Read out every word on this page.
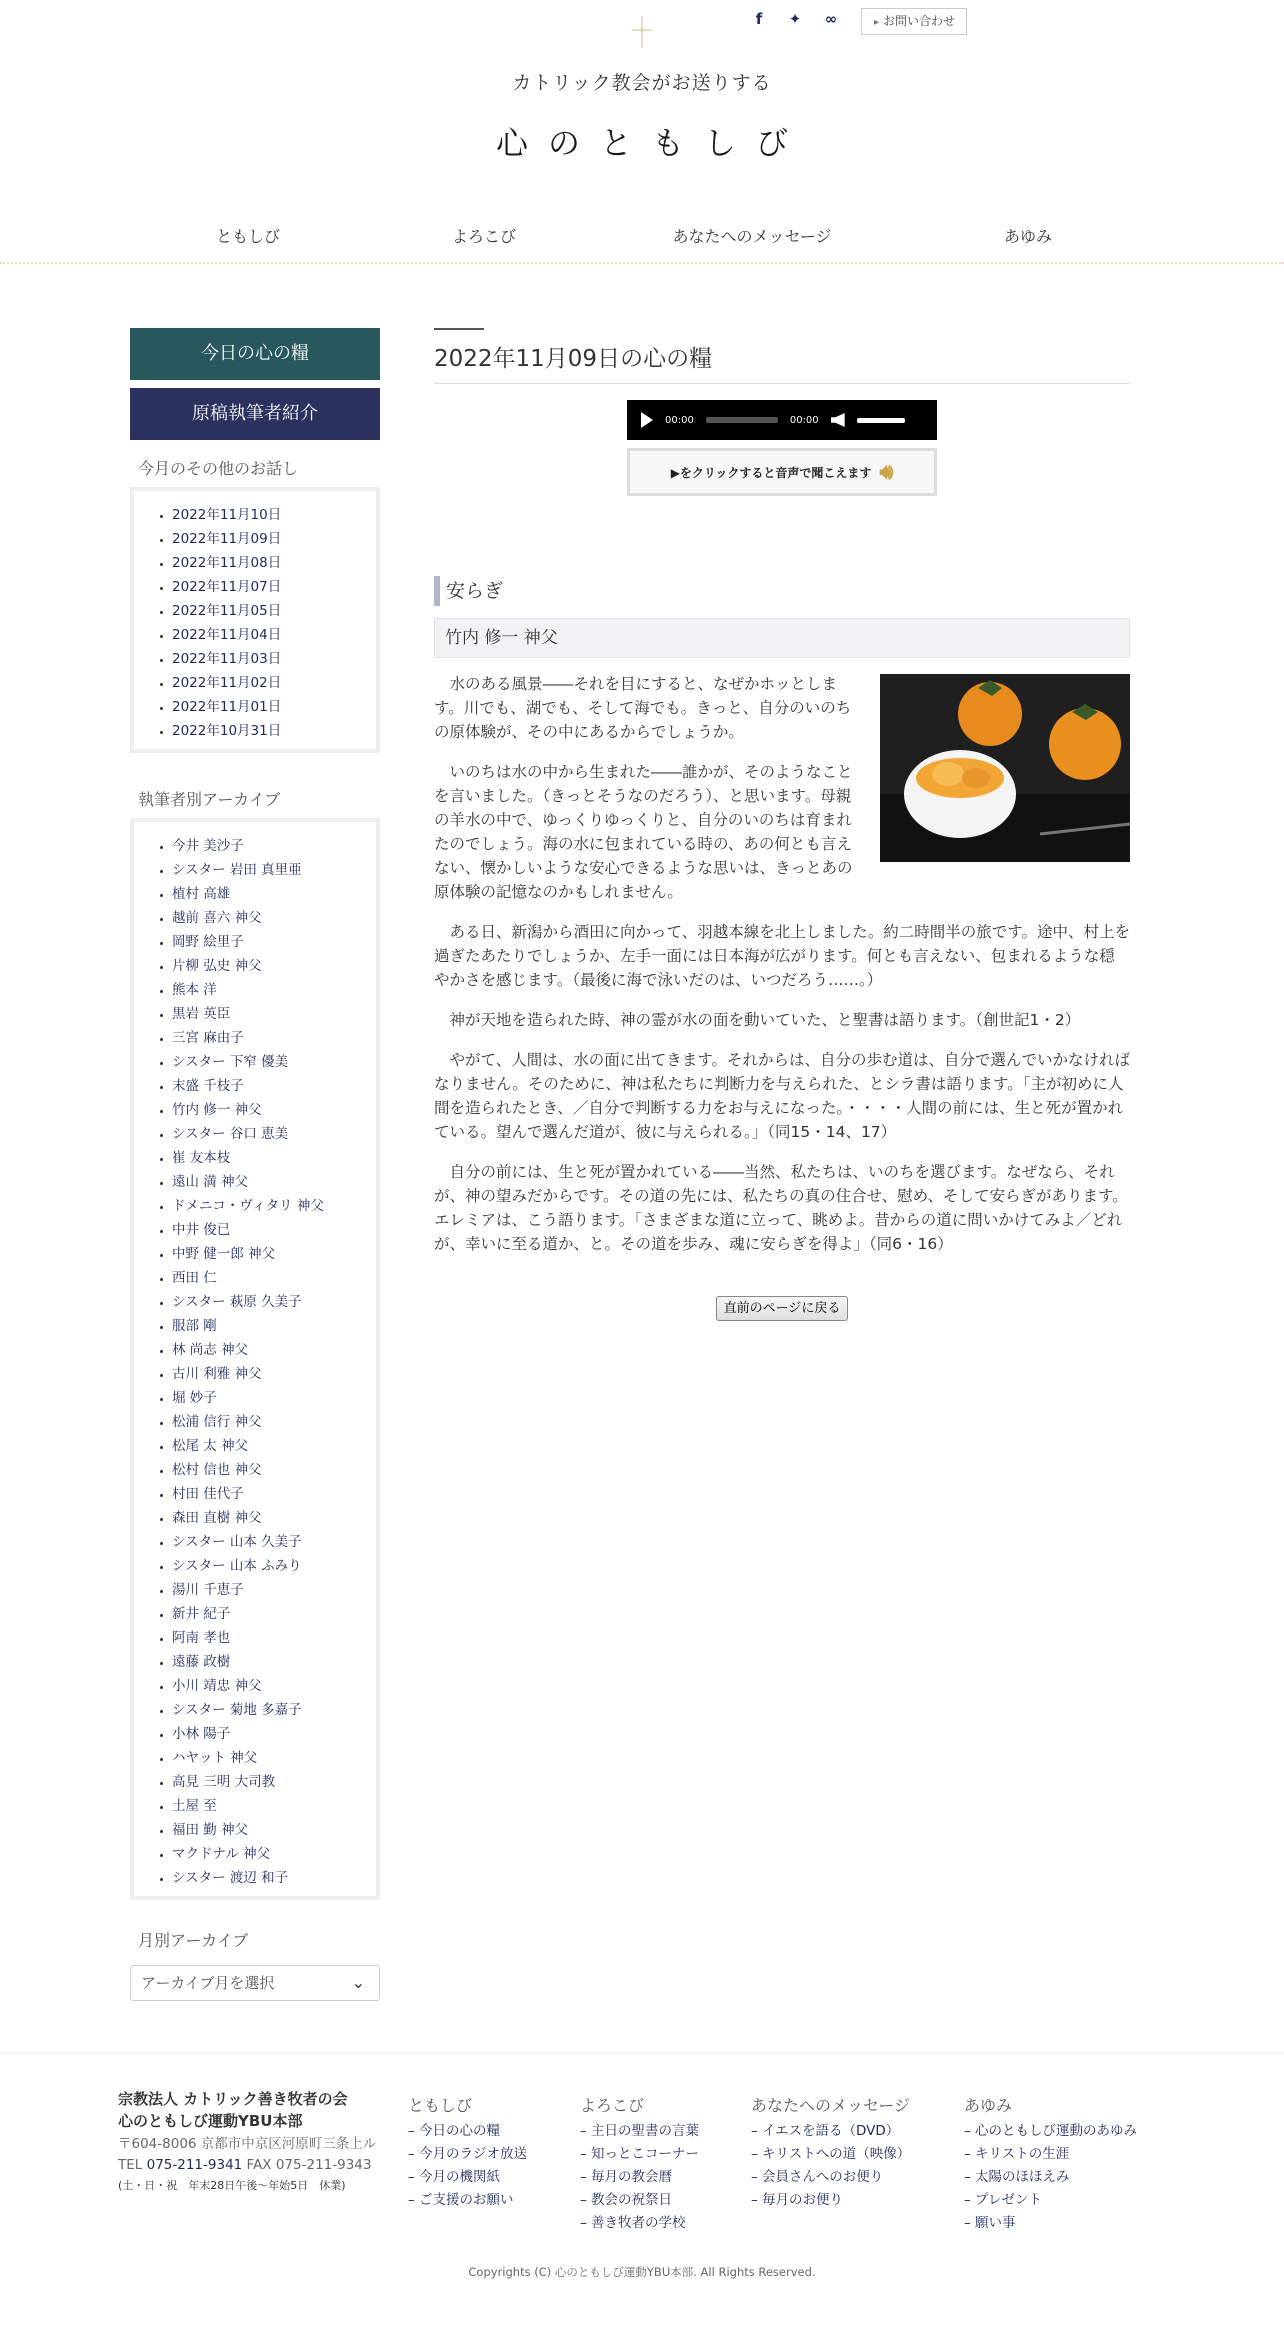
f	✦ ∞
▸	お問い合わせ
カトリック教会がお送りする
心のともしび
ともしび	よろこび	あなたへのメッセージ	あゆみ
今日の心の糧
原稿執筆者紹介
今月のその他のお話し
• 2022年11月10日
• 2022年11月09日
• 2022年11月08日
• 2022年11月07日
• 2022年11月05日
• 2022年11月04日
• 2022年11月03日
• 2022年11月02日
• 2022年11月01日
• 2022年10月31日
執筆者別アーカイブ
• 今井 美沙子
• シスター 岩田 真里亜
• 植村 高雄
• 越前 喜六 神父
• 岡野 絵里子
• 片柳 弘史 神父
• 熊本 洋
• 黒岩 英臣
• 三宮 麻由子
• シスター 下窄 優美
• 末盛 千枝子
• 竹内 修一 神父
• シスター 谷口 恵美
• 崔 友本枝
• 遠山 満 神父
• ドメニコ・ヴィタリ 神父
• 中井 俊已
• 中野 健一郎 神父
• 西田 仁
• シスター 萩原 久美子
• 服部 剛
• 林 尚志 神父
• 古川 利雅 神父
• 堀 妙子
• 松浦 信行 神父
• 松尾 太 神父
• 松村 信也 神父
• 村田 佳代子
• 森田 直樹 神父
• シスター 山本 久美子
• シスター 山本 ふみり
• 湯川 千恵子
• 新井 紀子
• 阿南 孝也
• 遠藤 政樹
• 小川 靖忠 神父
• シスター 菊地 多嘉子
• 小林 陽子
• ハヤット 神父
• 高見 三明 大司教
• 土屋 至
• 福田 勤 神父
• マクドナル 神父
• シスター 渡辺 和子
月別アーカイブ
アーカイブ月を選択	⌄
2022年11月09日の心の糧
00:00	00:00
▶をクリックすると音声で聞こえます 🔊︎
安らぎ
竹内 修一 神父

水のある風景――それを目にすると、なぜかホッとします。川でも、湖でも、そして海でも。きっと、自分のいのちの原体験が、その中にあるからでしょうか。

いのちは水の中から生まれた――誰かが、そのようなことを言いました。（きっとそうなのだろう）、と思います。母親の羊水の中で、ゆっくりゆっくりと、自分のいのちは育まれたのでしょう。海の水に包まれている時の、あの何とも言えない、懐かしいような安心できるような思いは、きっとあの原体験の記憶なのかもしれません。

ある日、新潟から酒田に向かって、羽越本線を北上しました。約二時間半の旅です。途中、村上を過ぎたあたりでしょうか、左手一面には日本海が広がります。何とも言えない、包まれるような穏やかさを感じます。（最後に海で泳いだのは、いつだろう……。）

神が天地を造られた時、神の霊が水の面を動いていた、と聖書は語ります。（創世記1・2）

やがて、人間は、水の面に出てきます。それからは、自分の歩む道は、自分で選んでいかなければなりません。そのために、神は私たちに判断力を与えられた、とシラ書は語ります。「主が初めに人間を造られたとき、／自分で判断する力をお与えになった。・・・・人間の前には、生と死が置かれている。望んで選んだ道が、彼に与えられる。」（同15・14、17）

自分の前には、生と死が置かれている――当然、私たちは、いのちを選びます。なぜなら、それが、神の望みだからです。その道の先には、私たちの真の住合せ、慰め、そして安らぎがあります。エレミアは、こう語ります。「さまざまな道に立って、眺めよ。昔からの道に問いかけてみよ／どれが、幸いに至る道か、と。その道を歩み、魂に安らぎを得よ」（同6・16）

直前のページに戻る
宗教法人 カトリック善き牧者の会
心のともしび運動YBU本部
〒604-8006 京都市中京区河原町三条上ル
TEL 075-211-9341 FAX 075-211-9343
(土・日・祝　年末28日午後〜年始5日　休業)
ともしび
– 今日の心の糧
– 今月のラジオ放送
– 今月の機関紙
– ご支援のお願い
よろこび
– 主日の聖書の言葉
– 知っとこコーナー
– 毎月の教会暦
– 教会の祝祭日
– 善き牧者の学校
あなたへのメッセージ
– イエスを語る（DVD）
– キリストへの道（映像）
– 会員さんへのお便り
– 毎月のお便り
あゆみ
– 心のともしび運動のあゆみ
– キリストの生涯
– 太陽のほほえみ
– プレゼント
– 願い事
Copyrights (C) 心のともしび運動YBU本部. All Rights Reserved.
